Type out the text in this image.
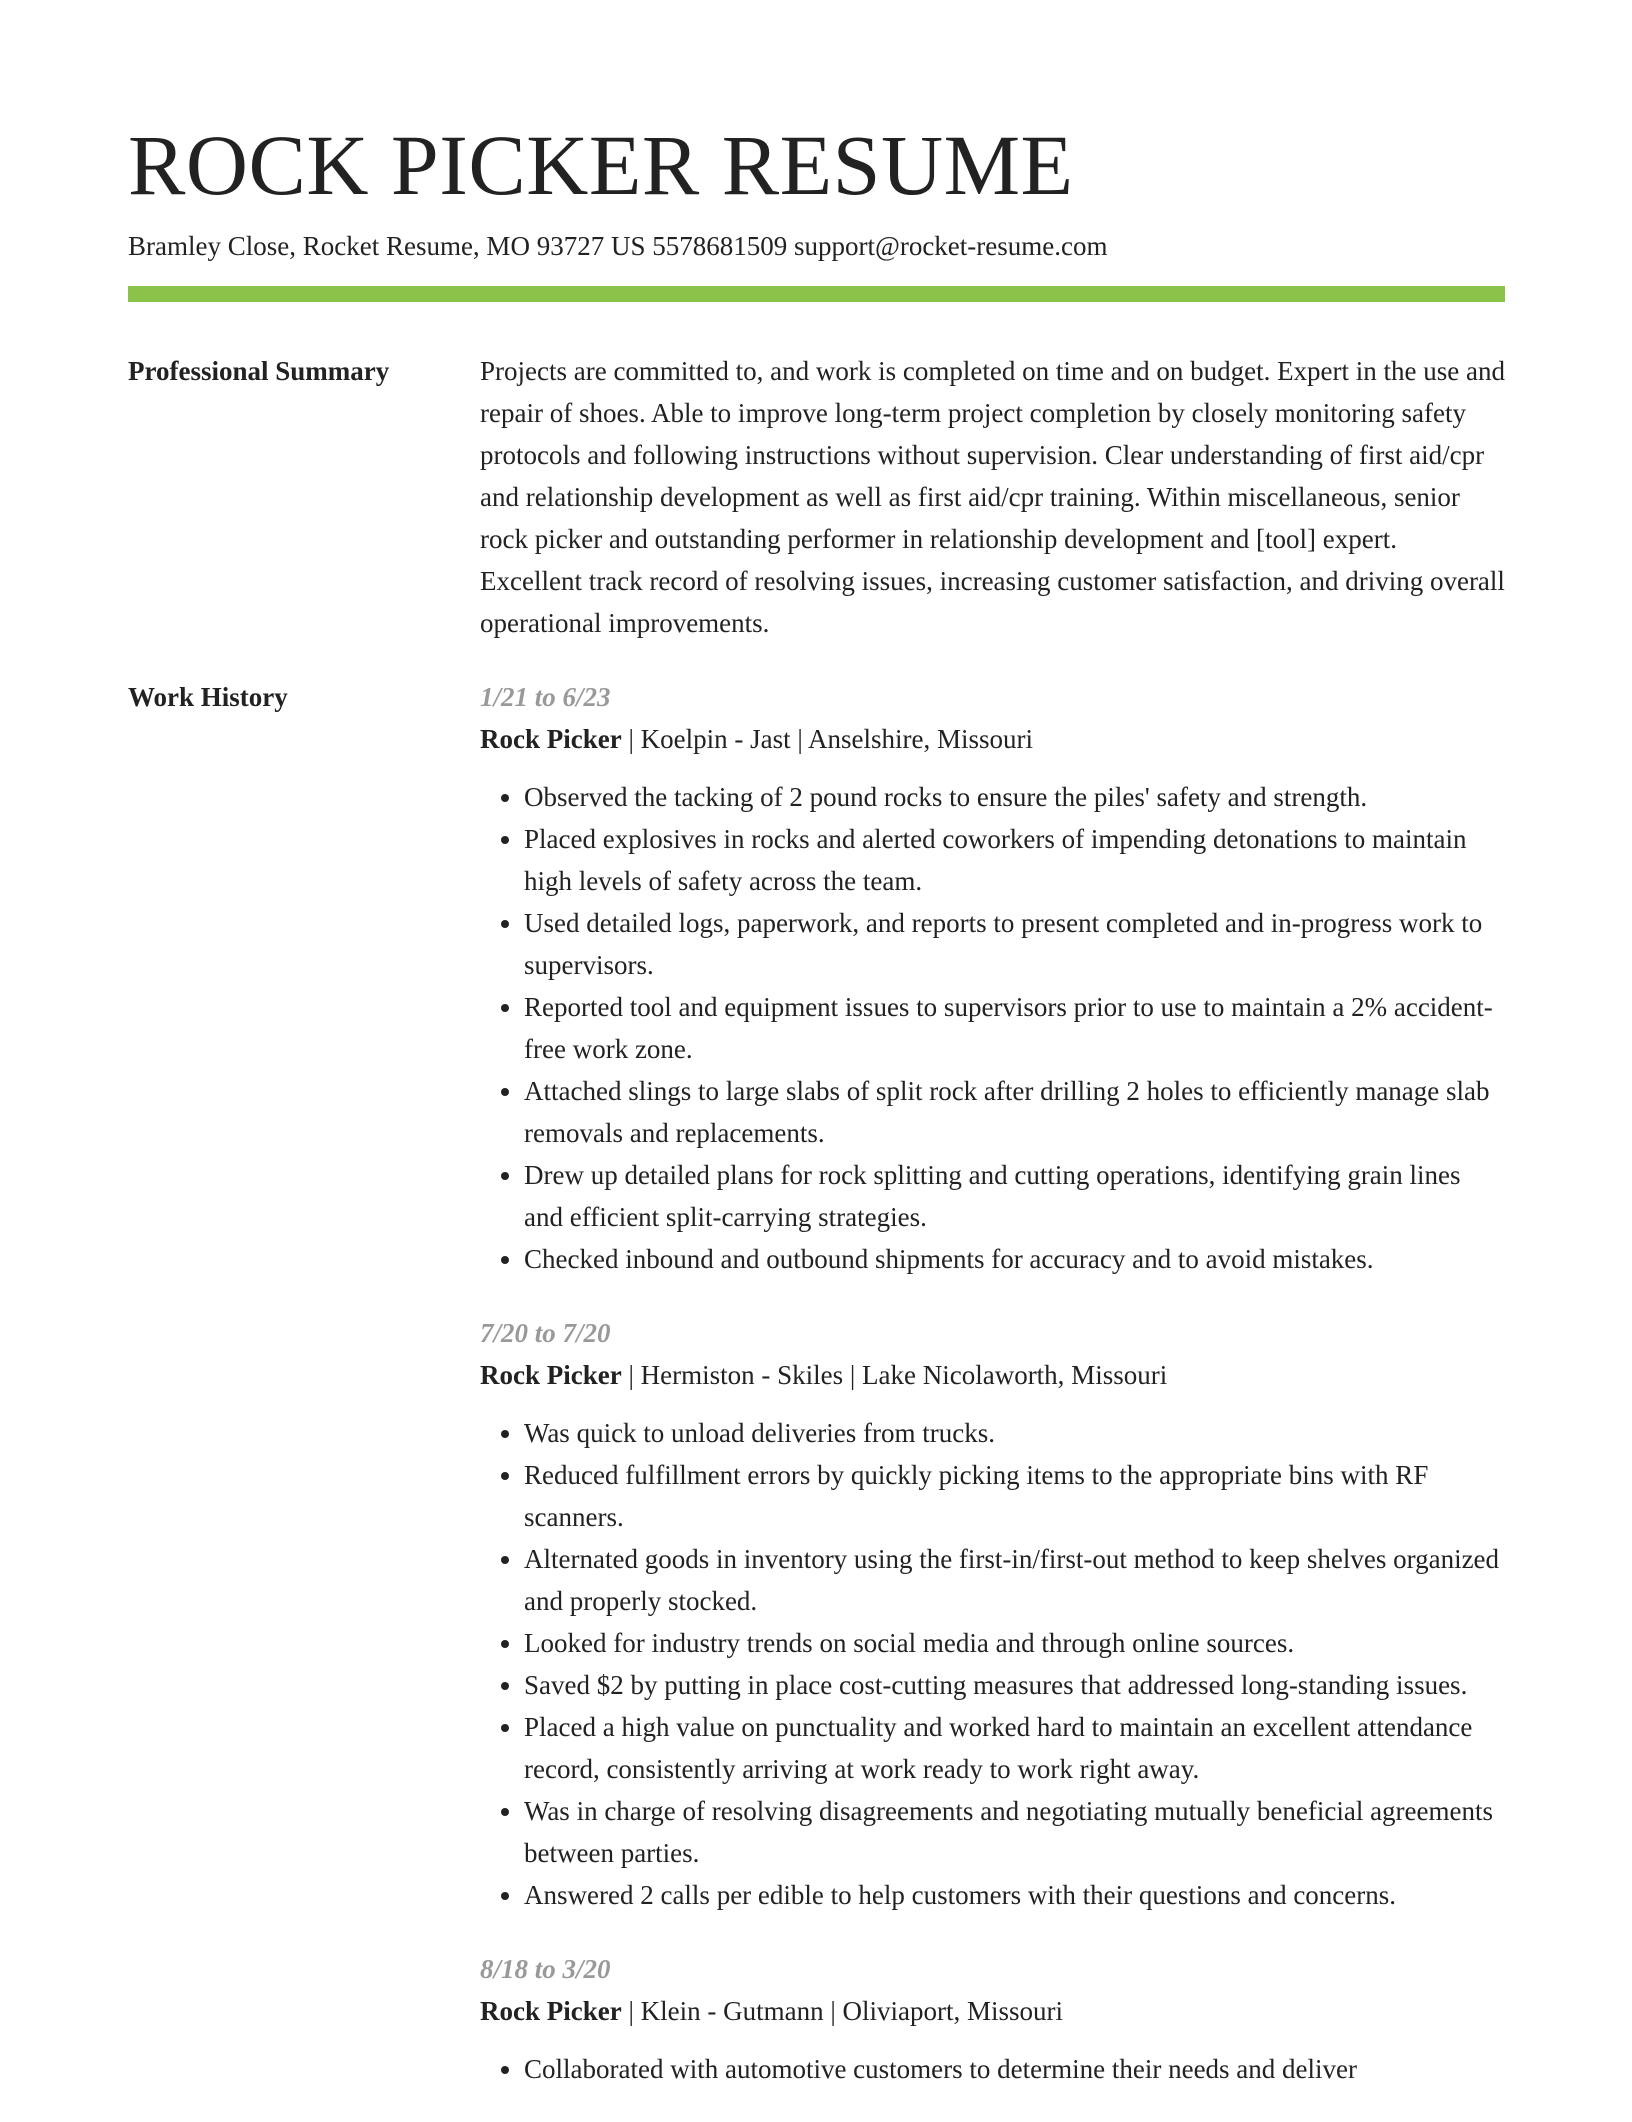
ROCK PICKER RESUME
Bramley Close, Rocket Resume, MO 93727 US 5578681509 support@rocket-resume.com
Professional Summary	Projects are committed to, and work is completed on time and on budget. Expert in the use and repair of shoes. Able to improve long-term project completion by closely monitoring safety protocols and following instructions without supervision. Clear understanding of first aid/cpr and relationship development as well as first aid/cpr training. Within miscellaneous, senior rock picker and outstanding performer in relationship development and [tool] expert. Excellent track record of resolving issues, increasing customer satisfaction, and driving overall operational improvements.

Work History	1/21 to 6/23
Rock Picker | Koelpin - Jast | Anselshire, Missouri
• Observed the tacking of 2 pound rocks to ensure the piles' safety and strength.
• Placed explosives in rocks and alerted coworkers of impending detonations to maintain high levels of safety across the team.
• Used detailed logs, paperwork, and reports to present completed and in-progress work to supervisors.
• Reported tool and equipment issues to supervisors prior to use to maintain a 2% accident-free work zone.
• Attached slings to large slabs of split rock after drilling 2 holes to efficiently manage slab removals and replacements.
• Drew up detailed plans for rock splitting and cutting operations, identifying grain lines and efficient split-carrying strategies.
• Checked inbound and outbound shipments for accuracy and to avoid mistakes.
7/20 to 7/20
Rock Picker | Hermiston - Skiles | Lake Nicolaworth, Missouri
• Was quick to unload deliveries from trucks.
• Reduced fulfillment errors by quickly picking items to the appropriate bins with RF scanners.
• Alternated goods in inventory using the first-in/first-out method to keep shelves organized and properly stocked.
• Looked for industry trends on social media and through online sources.
• Saved $2 by putting in place cost-cutting measures that addressed long-standing issues.
• Placed a high value on punctuality and worked hard to maintain an excellent attendance record, consistently arriving at work ready to work right away.
• Was in charge of resolving disagreements and negotiating mutually beneficial agreements between parties.
• Answered 2 calls per edible to help customers with their questions and concerns.
8/18 to 3/20
Rock Picker | Klein - Gutmann | Oliviaport, Missouri
• Collaborated with automotive customers to determine their needs and deliver
